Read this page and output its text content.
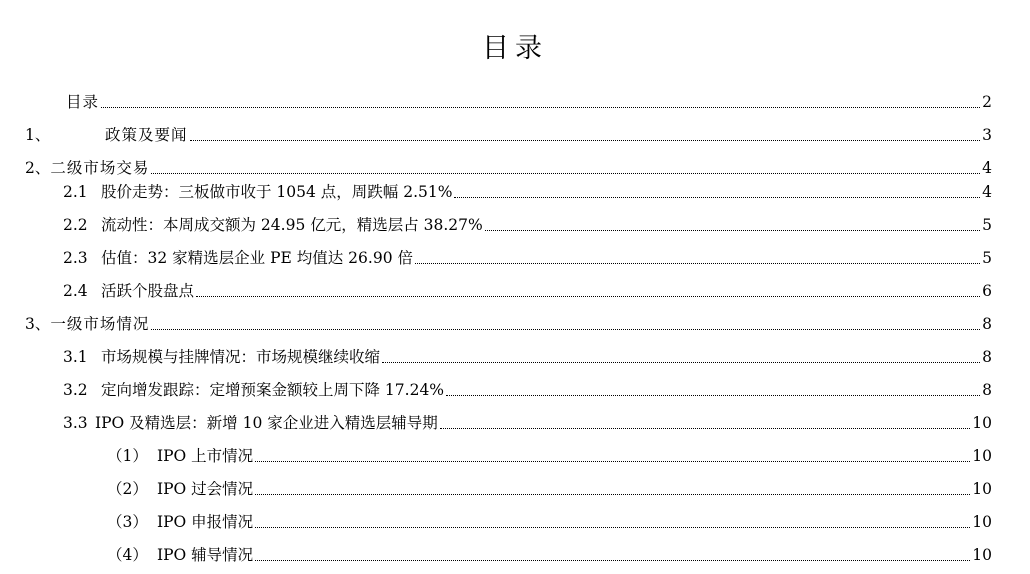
目录
目录	2
1、	政策及要闻	3
2、 二级市场交易	4
2.1 股价走势：三板做市收于 1054 点，周跌幅 2.51%	4
2.2 流动性：本周成交额为 24.95 亿元，精选层占 38.27%	5
2.3 估值：32 家精选层企业 PE 均值达 26.90 倍	5
2.4 活跃个股盘点	6
3、 一级市场情况	8
3.1 市场规模与挂牌情况：市场规模继续收缩	8
3.2 定向增发跟踪：定增预案金额较上周下降 17.24%	8
3.3 IPO 及精选层：新增 10 家企业进入精选层辅导期	10
（1） IPO 上市情况	10
（2） IPO 过会情况	10
（3） IPO 申报情况	10
（4） IPO 辅导情况	10
